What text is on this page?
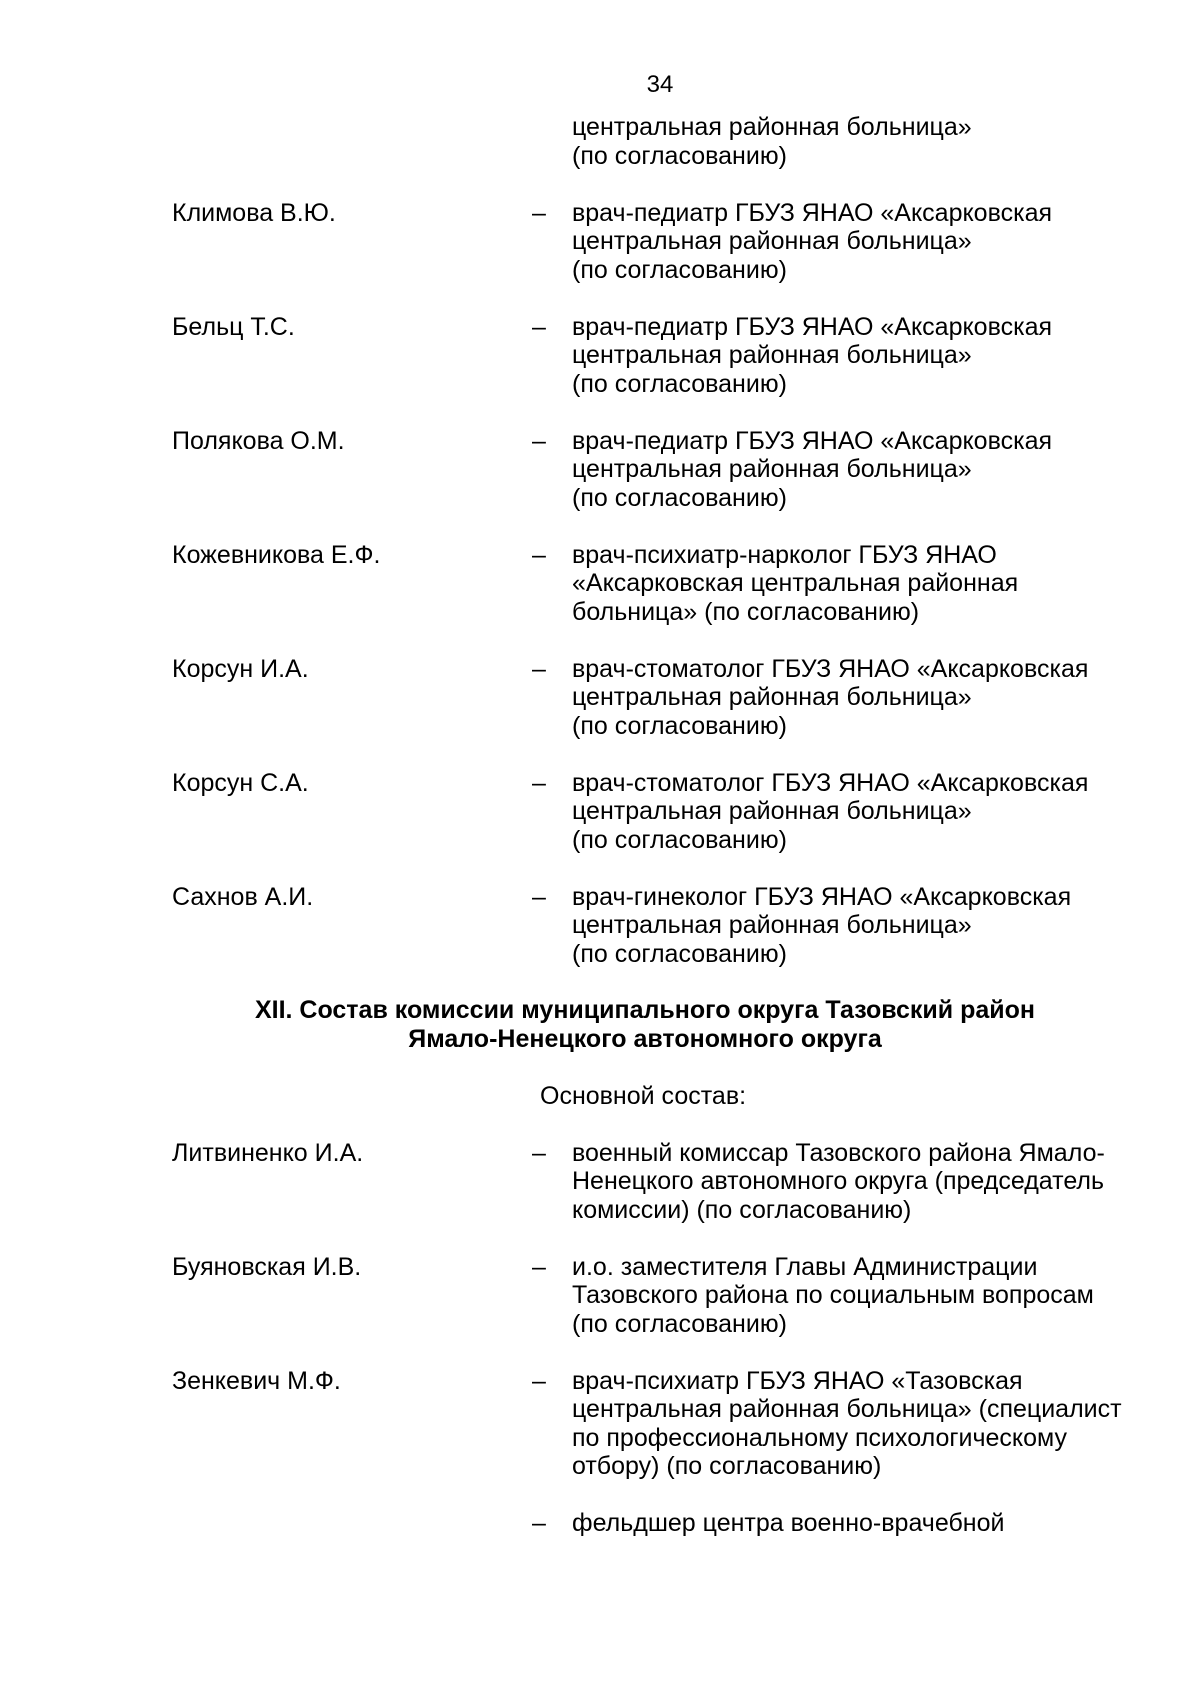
34
центральная районная больница»
(по согласованию)
Климова В.Ю.	–	врач-педиатр ГБУЗ ЯНАО «Аксарковская центральная районная больница»
(по согласованию)
Бельц Т.С.	–	врач-педиатр ГБУЗ ЯНАО «Аксарковская центральная районная больница»
(по согласованию)
Полякова О.М.	–	врач-педиатр ГБУЗ ЯНАО «Аксарковская центральная районная больница»
(по согласованию)
Кожевникова Е.Ф.	–	врач-психиатр-нарколог ГБУЗ ЯНАО «Аксарковская центральная районная больница» (по согласованию)
Корсун И.А.	–	врач-стоматолог ГБУЗ ЯНАО «Аксарковская центральная районная больница»
(по согласованию)
Корсун С.А.	–	врач-стоматолог ГБУЗ ЯНАО «Аксарковская центральная районная больница»
(по согласованию)
Сахнов А.И.	–	врач-гинеколог ГБУЗ ЯНАО «Аксарковская центральная районная больница»
(по согласованию)
XII. Состав комиссии муниципального округа Тазовский район
Ямало-Ненецкого автономного округа
Основной состав:
Литвиненко И.А.	–	военный комиссар Тазовского района Ямало-Ненецкого автономного округа (председатель комиссии) (по согласованию)
Буяновская И.В.	–	и.о. заместителя Главы Администрации Тазовского района по социальным вопросам (по согласованию)
Зенкевич М.Ф.	–	врач-психиатр ГБУЗ ЯНАО «Тазовская центральная районная больница» (специалист по профессиональному психологическому отбору) (по согласованию)
–	фельдшер центра военно-врачебной
